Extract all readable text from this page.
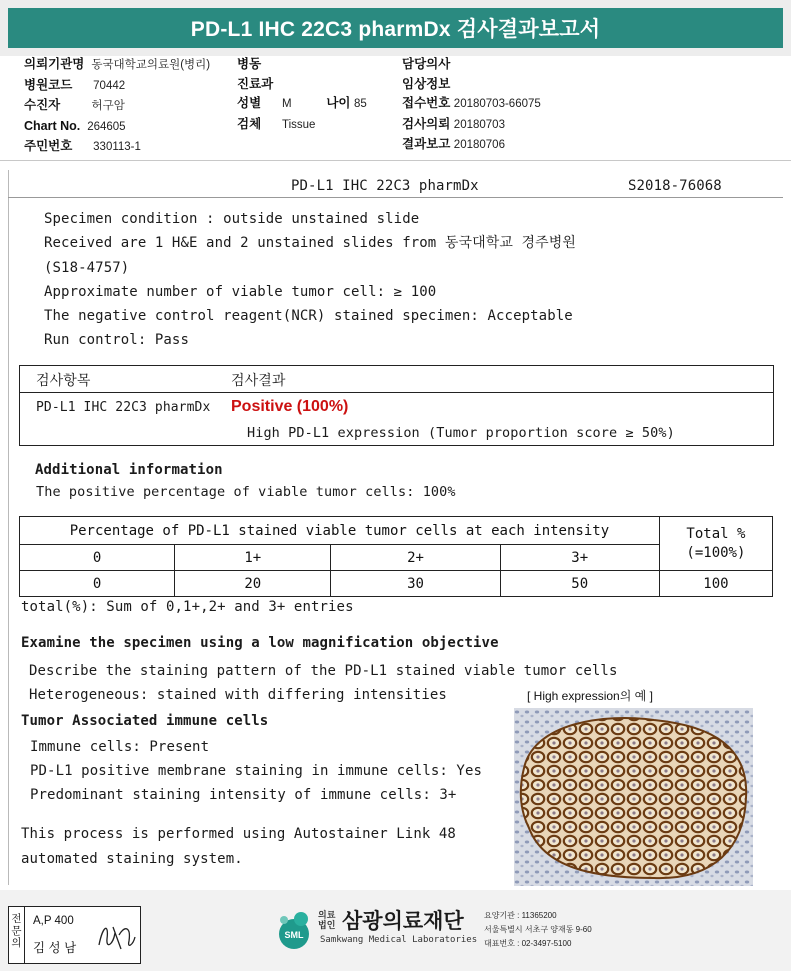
PD-L1 IHC 22C3 pharmDx 검사결과보고서
의뢰기관명 동국대학교의료원(병리)
병원코드 70442
수진자	허구암
Chart No. 264605
주민번호 330113-1
병동
진료과
성별 M	나이 85
검체 Tissue
담당의사
임상정보
접수번호 20180703-66075
검사의뢰 20180703
결과보고 20180706
PD-L1 IHC 22C3 pharmDx	S2018-76068
Specimen condition : outside unstained slide
Received are 1 H&E and 2 unstained slides from 동국대학교 경주병원
(S18-4757)
Approximate number of viable tumor cell: ≥ 100
The negative control reagent(NCR) stained specimen: Acceptable
Run control: Pass
검사항목	검사결과
PD-L1 IHC 22C3 pharmDx Positive (100%)
High PD-L1 expression (Tumor proportion score ≥ 50%)
Additional information
The positive percentage of viable tumor cells: 100%
Percentage of PD-L1 stained viable tumor cells at each intensity				Total %
(=100%)

0	1+	2+	3+	
0	20	30	50	100
total(%): Sum of 0,1+,2+ and 3+ entries
Examine the specimen using a low magnification objective
Describe the staining pattern of the PD-L1 stained viable tumor cells
Heterogeneous: stained with differing intensities
Tumor Associated immune cells
Immune cells: Present
PD-L1 positive membrane staining in immune cells: Yes
Predominant staining intensity of immune cells: 3+
This process is performed using Autostainer Link 48
automated staining system.
[ High expression의 예 ]
전문
의
A,P 400
김 성 남
SML
의료
법인 삼광의료재단
Samkwang Medical Laboratories
요양기관 : 11365200
서울특별시 서초구 양재동 9-60
대표번호 : 02-3497-5100
